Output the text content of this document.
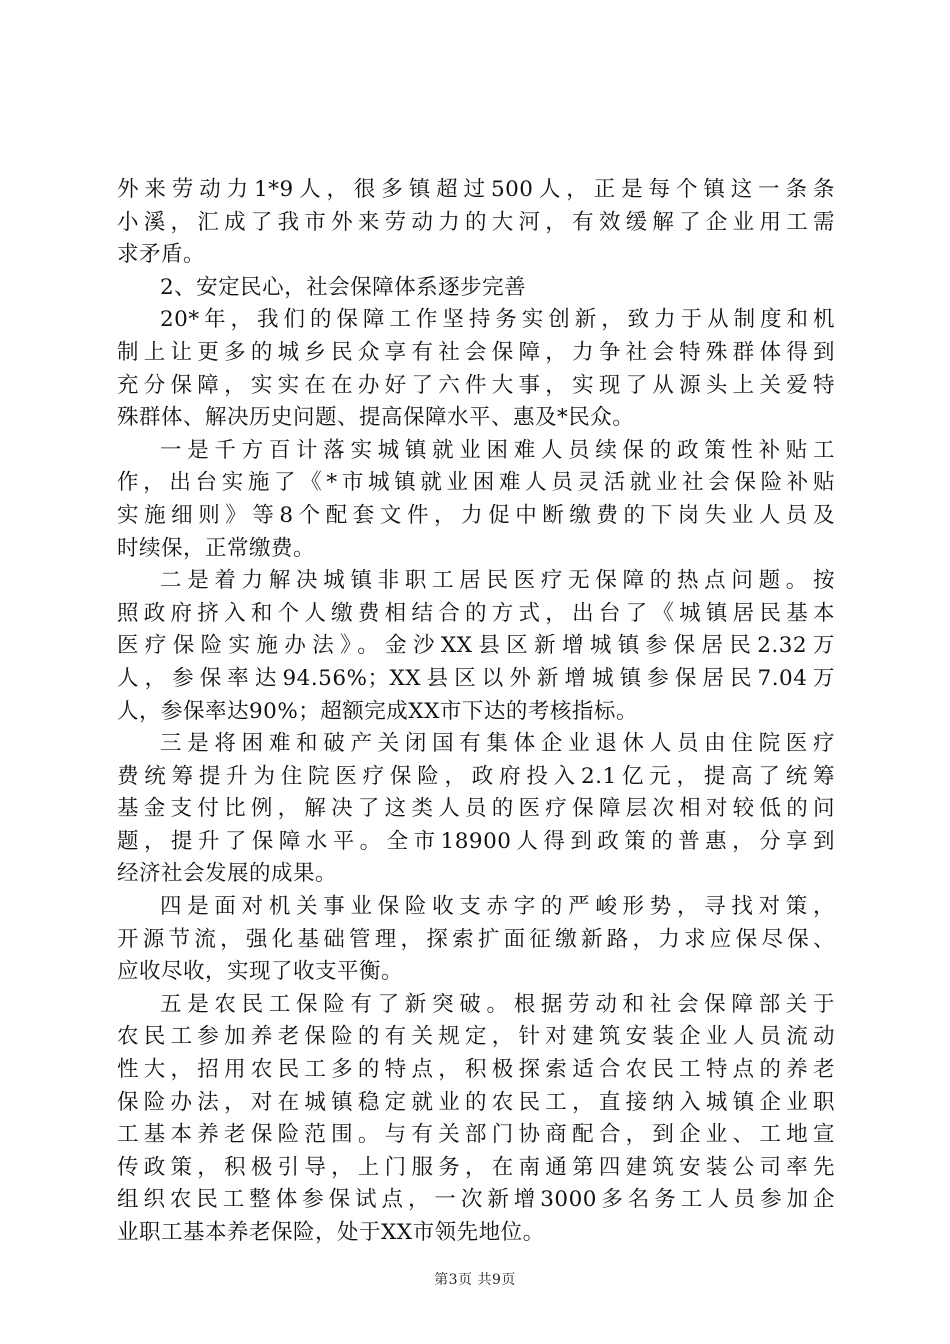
外来劳动力1*9人，很多镇超过500人，正是每个镇这一条条
小溪，汇成了我市外来劳动力的大河，有效缓解了企业用工需
求矛盾。
2、安定民心，社会保障体系逐步完善
20*年，我们的保障工作坚持务实创新，致力于从制度和机
制上让更多的城乡民众享有社会保障，力争社会特殊群体得到
充分保障，实实在在办好了六件大事，实现了从源头上关爱特
殊群体、解决历史问题、提高保障水平、惠及*民众。
一是千方百计落实城镇就业困难人员续保的政策性补贴工
作，出台实施了《*市城镇就业困难人员灵活就业社会保险补贴
实施细则》等8个配套文件，力促中断缴费的下岗失业人员及
时续保，正常缴费。
二是着力解决城镇非职工居民医疗无保障的热点问题。按
照政府挤入和个人缴费相结合的方式，出台了《城镇居民基本
医疗保险实施办法》。金沙XX县区新增城镇参保居民2.32万
人，参保率达94.56%；XX县区以外新增城镇参保居民7.04万
人，参保率达90%；超额完成XX市下达的考核指标。
三是将困难和破产关闭国有集体企业退休人员由住院医疗
费统筹提升为住院医疗保险，政府投入2.1亿元，提高了统筹
基金支付比例，解决了这类人员的医疗保障层次相对较低的问
题，提升了保障水平。全市18900人得到政策的普惠，分享到
经济社会发展的成果。
四是面对机关事业保险收支赤字的严峻形势，寻找对策，
开源节流，强化基础管理，探索扩面征缴新路，力求应保尽保、
应收尽收，实现了收支平衡。
五是农民工保险有了新突破。根据劳动和社会保障部关于
农民工参加养老保险的有关规定，针对建筑安装企业人员流动
性大，招用农民工多的特点，积极探索适合农民工特点的养老
保险办法，对在城镇稳定就业的农民工，直接纳入城镇企业职
工基本养老保险范围。与有关部门协商配合，到企业、工地宣
传政策，积极引导，上门服务，在南通第四建筑安装公司率先
组织农民工整体参保试点，一次新增3000多名务工人员参加企
业职工基本养老保险，处于XX市领先地位。
第3页 共9页
